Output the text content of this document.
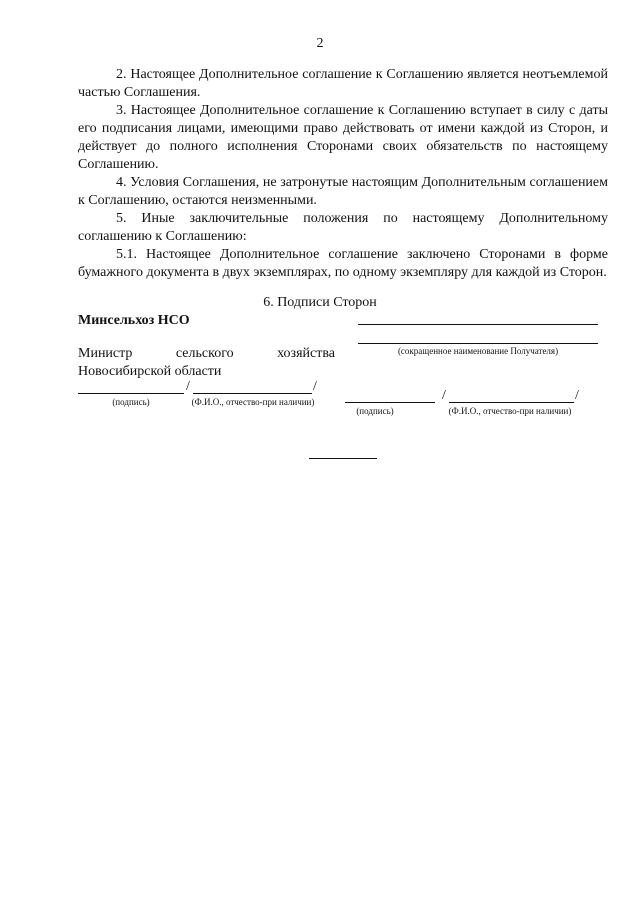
2

2. Настоящее Дополнительное соглашение к Соглашению является неотъемлемой частью Соглашения.

3. Настоящее Дополнительное соглашение к Соглашению вступает в силу с даты его подписания лицами, имеющими право действовать от имени каждой из Сторон, и действует до полного исполнения Сторонами своих обязательств по настоящему Соглашению.

4. Условия Соглашения, не затронутые настоящим Дополнительным соглашением к Соглашению, остаются неизменными.

5. Иные заключительные положения по настоящему Дополнительному соглашению к Соглашению:

5.1. Настоящее Дополнительное соглашение заключено Сторонами в форме бумажного документа в двух экземплярах, по одному экземпляру для каждой из Сторон.

6. Подписи Сторон
Минсельхоз НСО
Министр	сельского	хозяйства
Новосибирской области
/	/
(подпись)	(Ф.И.О., отчество-при наличии)
(сокращенное наименование Получателя)
/	/
(подпись)	(Ф.И.О., отчество-при наличии)
